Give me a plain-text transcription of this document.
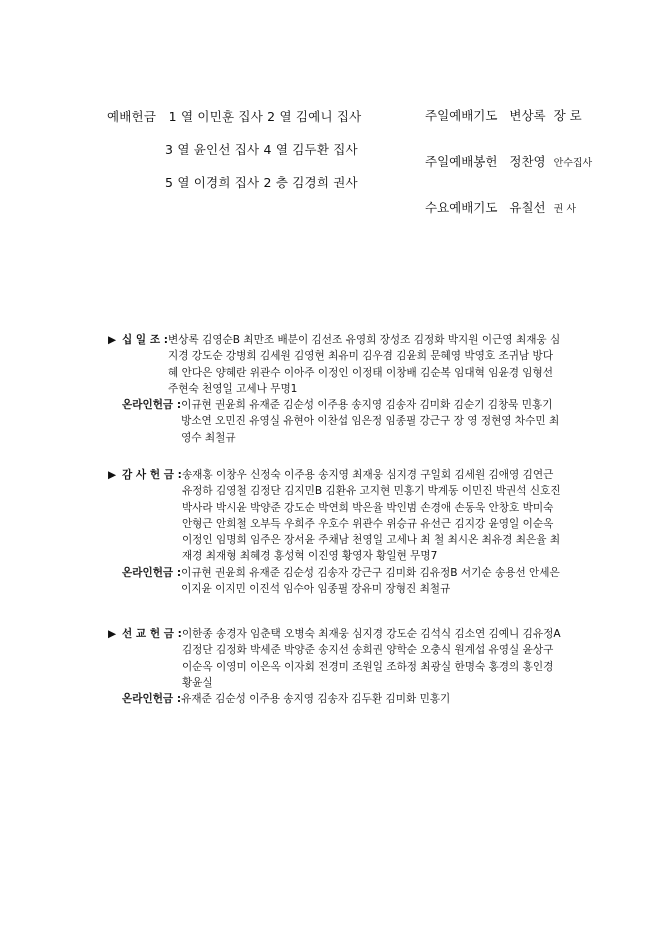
예배헌금 1 열 이민훈 집사 2 열 김예니 집사
3 열 윤인선 집사 4 열 김두환 집사
5 열 이경희 집사 2 층 김경희 권사
주일예배기도 변상록 장 로
주일예배봉헌 정찬영 안수집사
수요예배기도 유칠선 권 사
▶ 십 일 조 : 변상록 김영순B 최만조 배분이 김선조 유영희 장성조 김정화 박지원 이근영 최재웅 심지경 강도순 강병희 김세원 김영현 최유미 김우겸 김윤희 문혜영 박영호 조귀남 방다혜 안다은 양혜란 위관수 이아주 이정인 이정태 이창배 김순복 임대혁 임윤경 임형선 주현숙 천영일 고세나 무명1
온라인헌금 : 이규현 권윤희 유재준 김순성 이주용 송지영 김송자 김미화 김순기 김창묵 민홍기 방소연 오민진 유영실 유현아 이찬섭 임은정 임종필 강근구 장 영 정현영 차수민 최영수 최철규
▶ 감 사 헌 금 : 송재홍 이창우 신정숙 이주용 송지영 최재웅 심지경 구일회 김세원 김애영 김연근 유정하 김영철 김정단 김지민B 김환유 고지현 민홍기 박계동 이민진 박권석 신호진 박사라 박시윤 박양준 강도순 박연희 박은율 박인범 손경애 손동욱 안창호 박미숙 안형근 안희철 오부득 우희주 우호수 위관수 위승규 유선근 김지강 윤영일 이순옥 이정인 임명희 임주은 장서윤 주채남 천영일 고세나 최 철 최시온 최유경 최은율 최재경 최재형 최혜경 홍성혁 이진영 황영자 황일현 무명7
온라인헌금 : 이규현 권윤희 유재준 김순성 김송자 강근구 김미화 김유정B 서기순 송용선 안세은 이지윤 이지민 이진석 임수아 임종필 장유미 장형진 최철규
▶ 선 교 헌 금 : 이한종 송경자 임춘택 오병숙 최재웅 심지경 강도순 김석식 김소연 김예니 김유정A 김정단 김정화 박세준 박양준 송지선 송희권 양학순 오충식 원계섭 유영실 윤상구 이순옥 이영미 이은옥 이자회 전경미 조원일 조하정 최광실 한명숙 홍경의 홍인경 황윤실
온라인헌금 : 유재준 김순성 이주용 송지영 김송자 김두환 김미화 민홍기
